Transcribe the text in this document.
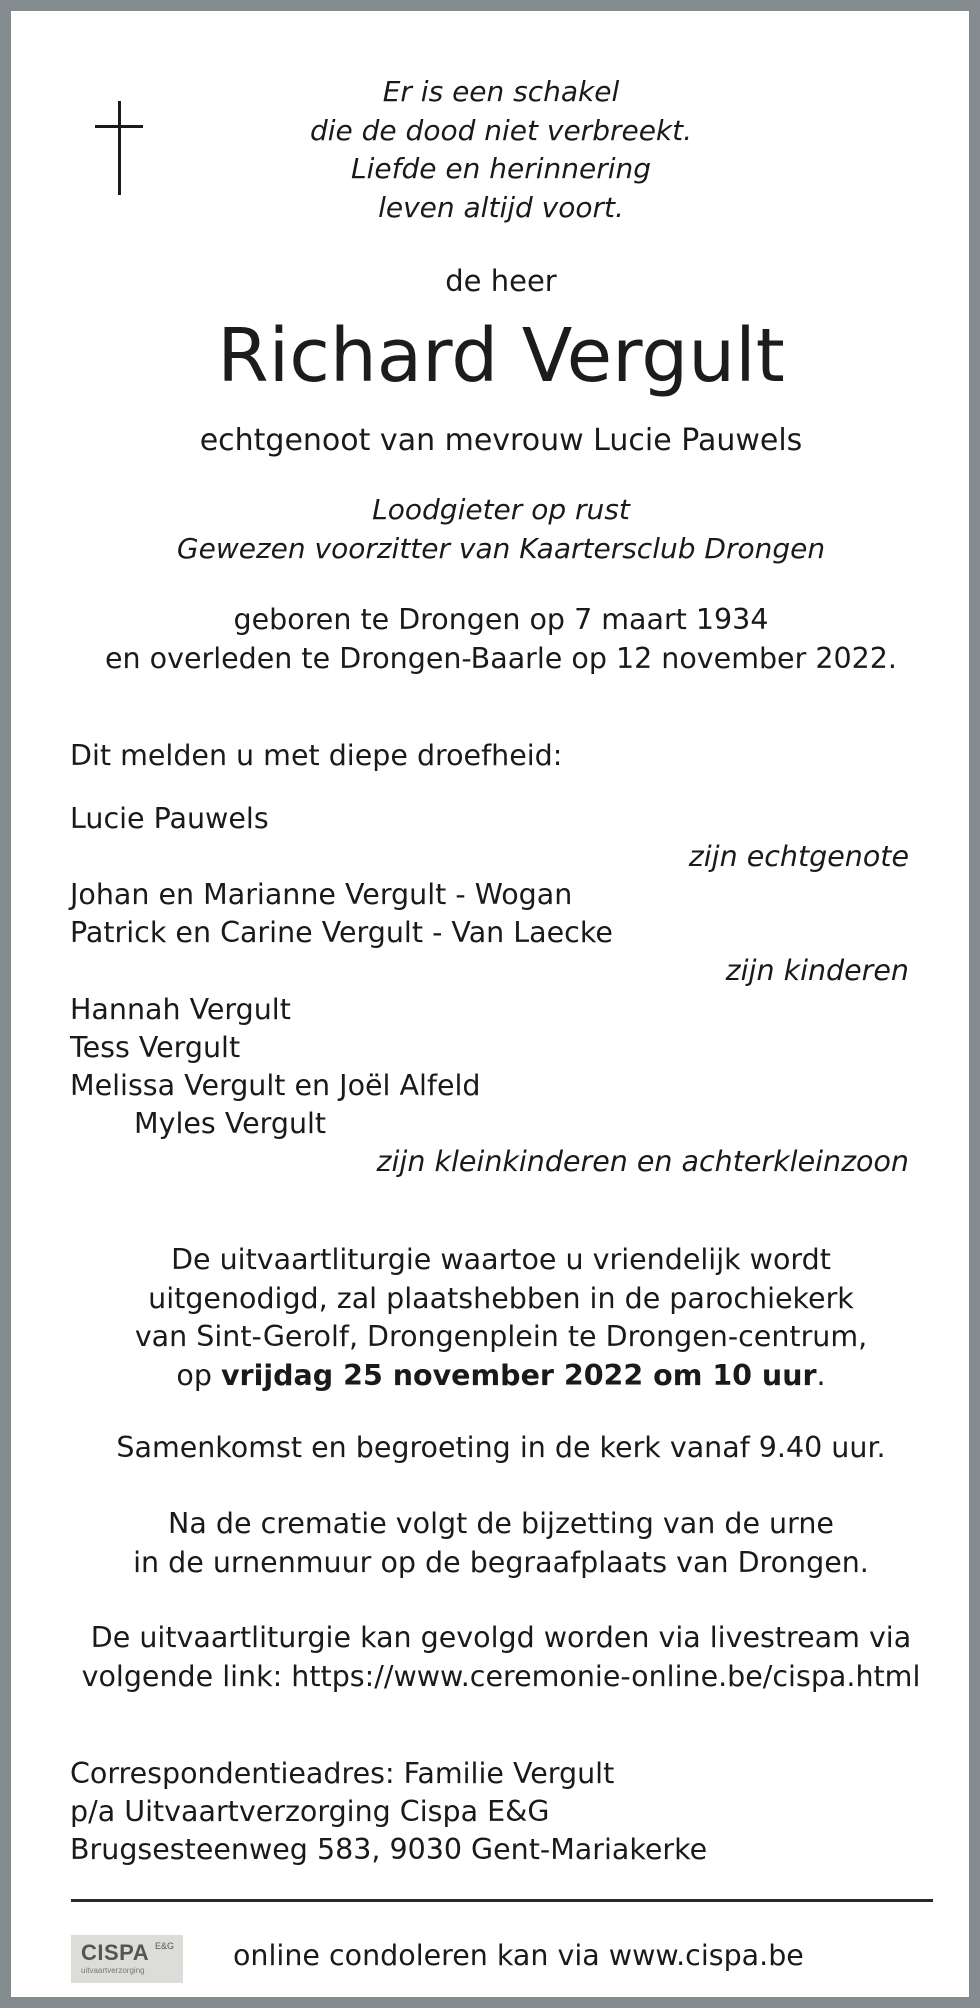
Er is een schakel
die de dood niet verbreekt.
Liefde en herinnering
leven altijd voort.
de heer
Richard Vergult
echtgenoot van mevrouw Lucie Pauwels
Loodgieter op rust
Gewezen voorzitter van Kaartersclub Drongen
geboren te Drongen op 7 maart 1934
en overleden te Drongen-Baarle op 12 november 2022.
Dit melden u met diepe droefheid:
Lucie Pauwels
zijn echtgenote
Johan en Marianne Vergult - Wogan
Patrick en Carine Vergult - Van Laecke
zijn kinderen
Hannah Vergult
Tess Vergult
Melissa Vergult en Joël Alfeld
Myles Vergult
zijn kleinkinderen en achterkleinzoon
De uitvaartliturgie waartoe u vriendelijk wordt
uitgenodigd, zal plaatshebben in de parochiekerk
van Sint-Gerolf, Drongenplein te Drongen-centrum,
op vrijdag 25 november 2022 om 10 uur.
Samenkomst en begroeting in de kerk vanaf 9.40 uur.
Na de crematie volgt de bijzetting van de urne
in de urnenmuur op de begraafplaats van Drongen.
De uitvaartliturgie kan gevolgd worden via livestream via
volgende link: https://www.ceremonie-online.be/cispa.html
Correspondentieadres: Familie Vergult
p/a Uitvaartverzorging Cispa E&G
Brugsesteenweg 583, 9030 Gent-Mariakerke
CISPA E&G
uitvaartverzorging	online condoleren kan via www.cispa.be
